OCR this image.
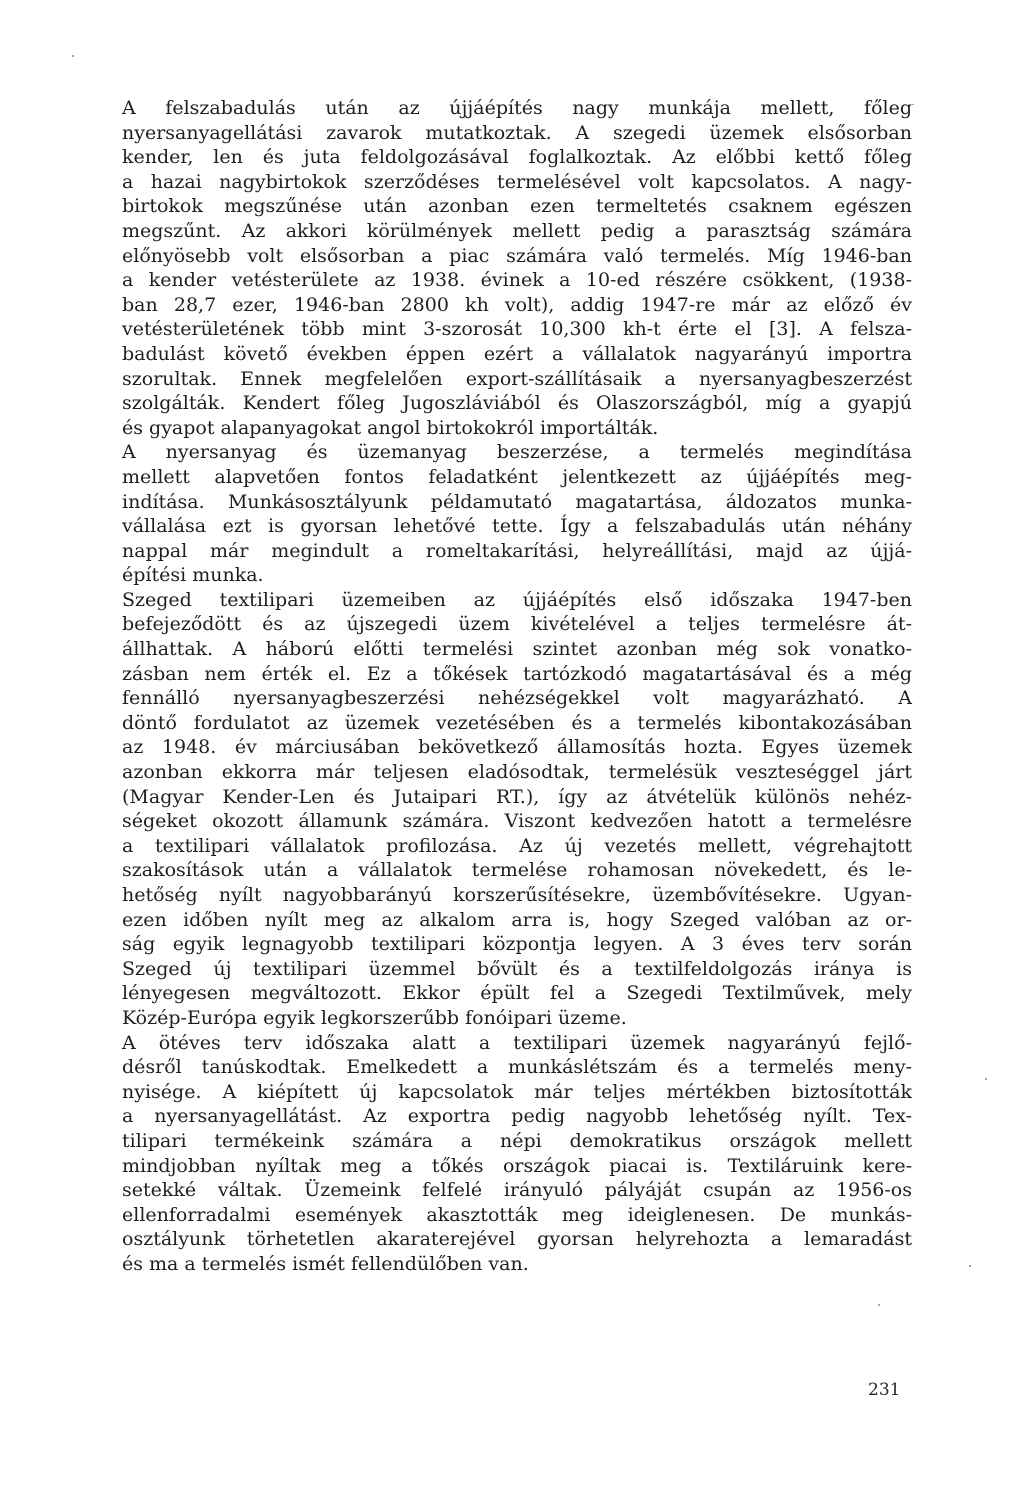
A felszabadulás után az újjáépítés nagy munkája mellett, főleg
nyersanyagellátási zavarok mutatkoztak. A szegedi üzemek elsősorban
kender, len és juta feldolgozásával foglalkoztak. Az előbbi kettő főleg
a hazai nagybirtokok szerződéses termelésével volt kapcsolatos. A nagy-
birtokok megszűnése után azonban ezen termeltetés csaknem egészen
megszűnt. Az akkori körülmények mellett pedig a parasztság számára
előnyösebb volt elsősorban a piac számára való termelés. Míg 1946-ban
a kender vetésterülete az 1938. évinek a 10-ed részére csökkent, (1938-
ban 28,7 ezer, 1946-ban 2800 kh volt), addig 1947-re már az előző év
vetésterületének több mint 3-szorosát 10,300 kh-t érte el [3]. A felsza-
badulást követő években éppen ezért a vállalatok nagyarányú importra
szorultak. Ennek megfelelően export-szállításaik a nyersanyagbeszerzést
szolgálták. Kendert főleg Jugoszláviából és Olaszországból, míg a gyapjú
és gyapot alapanyagokat angol birtokokról importálták.
A nyersanyag és üzemanyag beszerzése, a termelés megindítása
mellett alapvetően fontos feladatként jelentkezett az újjáépítés meg-
indítása. Munkásosztályunk példamutató magatartása, áldozatos munka-
vállalása ezt is gyorsan lehetővé tette. Így a felszabadulás után néhány
nappal már megindult a romeltakarítási, helyreállítási, majd az újjá-
építési munka.
Szeged textilipari üzemeiben az újjáépítés első időszaka 1947-ben
befejeződött és az újszegedi üzem kivételével a teljes termelésre át-
állhattak. A háború előtti termelési szintet azonban még sok vonatko-
zásban nem érték el. Ez a tőkések tartózkodó magatartásával és a még
fennálló nyersanyagbeszerzési nehézségekkel volt magyarázható. A
döntő fordulatot az üzemek vezetésében és a termelés kibontakozásában
az 1948. év márciusában bekövetkező államosítás hozta. Egyes üzemek
azonban ekkorra már teljesen eladósodtak, termelésük veszteséggel járt
(Magyar Kender-Len és Jutaipari RT.), így az átvételük különös nehéz-
ségeket okozott államunk számára. Viszont kedvezően hatott a termelésre
a textilipari vállalatok profilozása. Az új vezetés mellett, végrehajtott
szakosítások után a vállalatok termelése rohamosan növekedett, és le-
hetőség nyílt nagyobbarányú korszerűsítésekre, üzembővítésekre. Ugyan-
ezen időben nyílt meg az alkalom arra is, hogy Szeged valóban az or-
ság egyik legnagyobb textilipari központja legyen. A 3 éves terv során
Szeged új textilipari üzemmel bővült és a textilfeldolgozás iránya is
lényegesen megváltozott. Ekkor épült fel a Szegedi Textilművek, mely
Közép-Európa egyik legkorszerűbb fonóipari üzeme.
A ötéves terv időszaka alatt a textilipari üzemek nagyarányú fejlő-
désről tanúskodtak. Emelkedett a munkáslétszám és a termelés meny-
nyisége. A kiépített új kapcsolatok már teljes mértékben biztosították
a nyersanyagellátást. Az exportra pedig nagyobb lehetőség nyílt. Tex-
tilipari termékeink számára a népi demokratikus országok mellett
mindjobban nyíltak meg a tőkés országok piacai is. Textiláruink kere-
setekké váltak. Üzemeink felfelé irányuló pályáját csupán az 1956-os
ellenforradalmi események akasztották meg ideiglenesen. De munkás-
osztályunk törhetetlen akaraterejével gyorsan helyrehozta a lemaradást
és ma a termelés ismét fellendülőben van.
231
